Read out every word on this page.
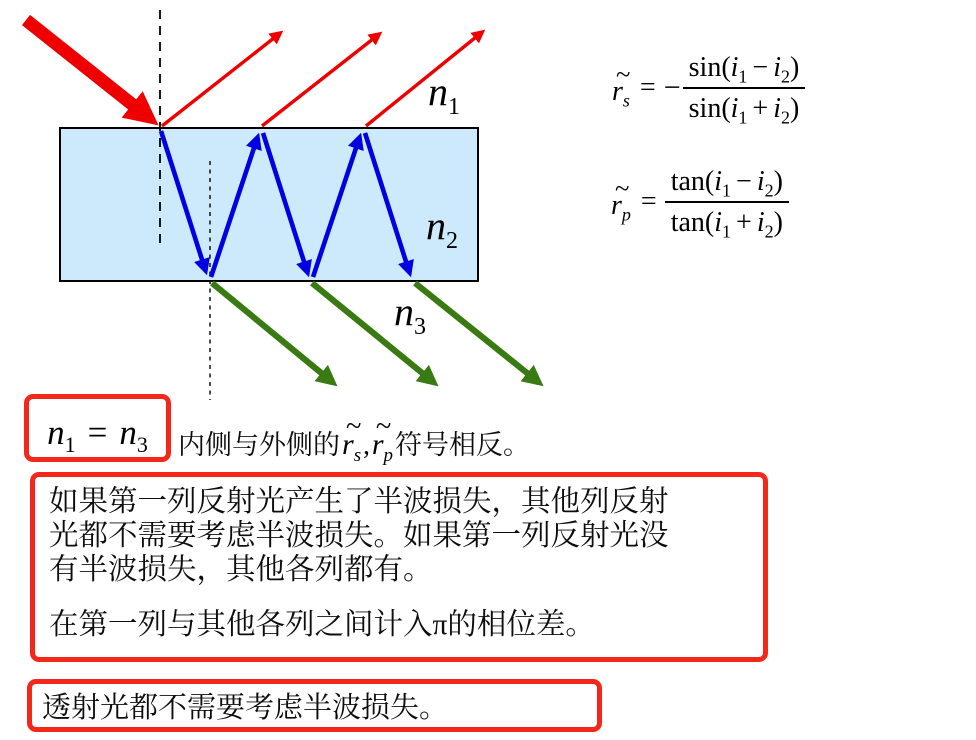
$n_1$
$n_2$
$n_3$
~
$r_s$ = − $\frac{\sin(i_1 - i_2)}{\sin(i_1 + i_2)}$
~
$r_p = \frac{\tan(i_1 - i_2)}{\tan(i_1 + i_2)}$
$n_1 = n_3$ 内侧与外侧的
~
$r_s$ ,
~
$r_p$ 符号相反。
如果第一列反射光产生了半波损失，其他列反射
光都不需要考虑半波损失。如果第一列反射光没
有半波损失，其他各列都有。
在第一列与其他各列之间计入π的相位差。
透射光都不需要考虑半波损失。
